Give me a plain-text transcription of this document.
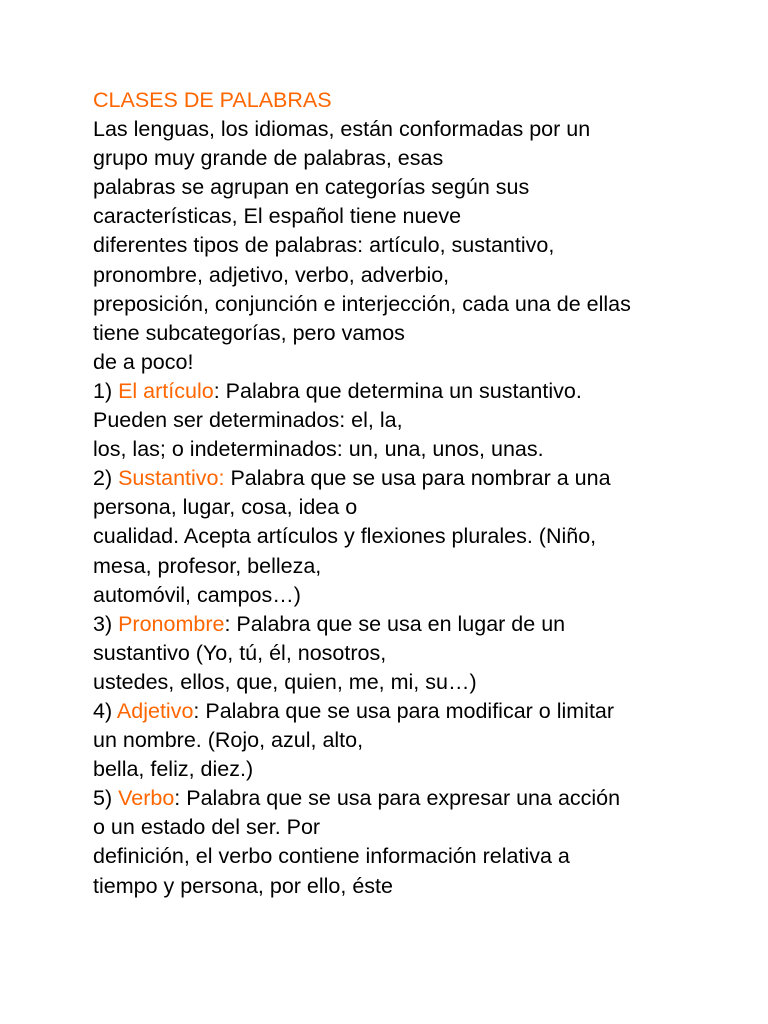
CLASES DE PALABRAS
Las lenguas, los idiomas, están conformadas por un
grupo muy grande de palabras, esas
palabras se agrupan en categorías según sus
características, El español tiene nueve
diferentes tipos de palabras: artículo, sustantivo,
pronombre, adjetivo, verbo, adverbio,
preposición, conjunción e interjección, cada una de ellas
tiene subcategorías, pero vamos
de a poco!
1) El artículo: Palabra que determina un sustantivo.
Pueden ser determinados: el, la,
los, las; o indeterminados: un, una, unos, unas.
2) Sustantivo: Palabra que se usa para nombrar a una
persona, lugar, cosa, idea o
cualidad. Acepta artículos y flexiones plurales. (Niño,
mesa, profesor, belleza,
automóvil, campos…)
3) Pronombre: Palabra que se usa en lugar de un
sustantivo (Yo, tú, él, nosotros,
ustedes, ellos, que, quien, me, mi, su…)
4) Adjetivo: Palabra que se usa para modificar o limitar
un nombre. (Rojo, azul, alto,
bella, feliz, diez.)
5) Verbo: Palabra que se usa para expresar una acción
o un estado del ser. Por
definición, el verbo contiene información relativa a
tiempo y persona, por ello, éste
